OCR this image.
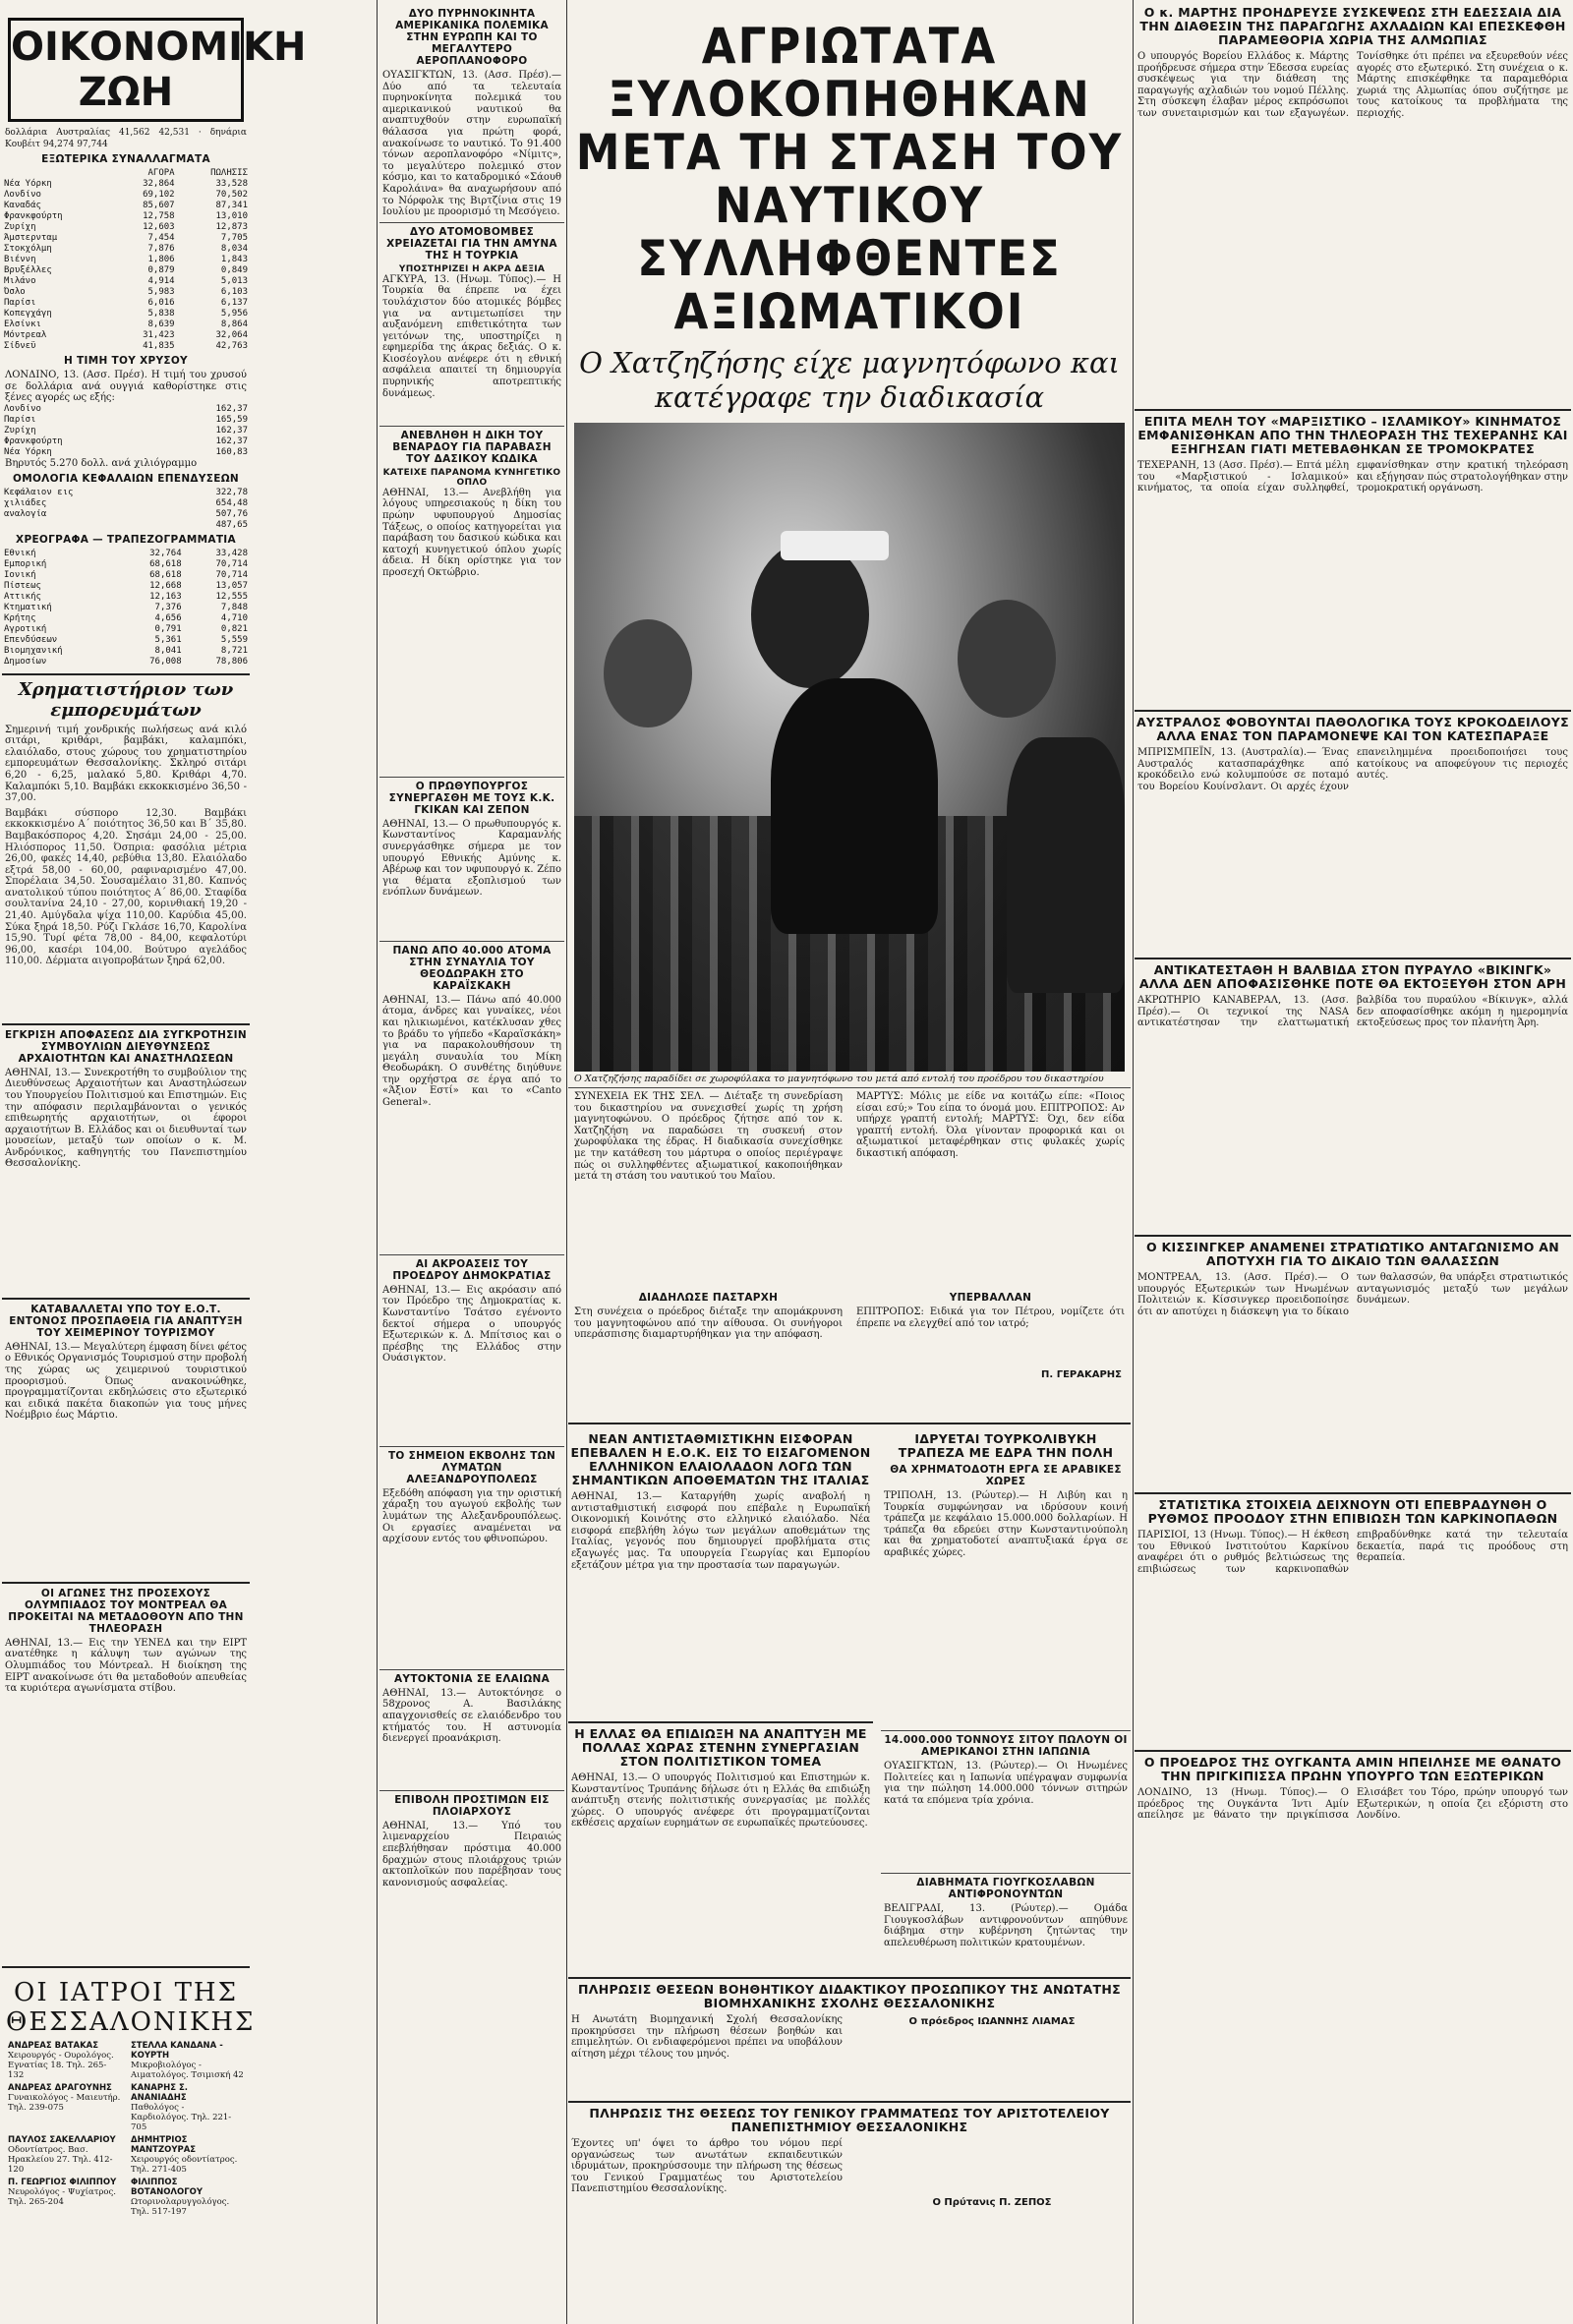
ΟΙΚΟΝΟΜΙΚΗ ΖΩΗ
δολλάρια Αυστραλίας 41,562 42,531 · δηνάρια Κουβέιτ 94,274 97,744
ΕΞΩΤΕΡΙΚΑ ΣΥΝΑΛΛΑΓΜΑΤΑ
	ΑΓΟΡΑ	ΠΩΛΗΣΙΣ
Νέα Υόρκη	32,864	33,528
Λονδίνο	69,102	70,502
Καναδάς	85,607	87,341
Φρανκφούρτη	12,758	13,010
Ζυρίχη	12,603	12,873
Άμστερνταμ	7,454	7,705
Στοκχόλμη	7,876	8,034
Βιέννη	1,806	1,843
Βρυξέλλες	0,879	0,849
Μιλάνο	4,914	5,013
Όσλο	5,983	6,103
Παρίσι	6,016	6,137
Κοπεγχάγη	5,838	5,956
Ελσίνκι	8,639	8,864
Μόντρεαλ	31,423	32,064
Σίδνεϋ	41,835	42,763
Η ΤΙΜΗ ΤΟΥ ΧΡΥΣΟΥ

ΛΟΝΔΙΝΟ, 13. (Ασσ. Πρέσ). Η τιμή του χρυσού σε δολλάρια ανά ουγγιά καθορίστηκε στις ξένες αγορές ως εξής:

Λονδίνο	162,37
Παρίσι	165,59
Ζυρίχη	162,37
Φρανκφούρτη	162,37
Νέα Υόρκη	160,83

Βηρυτός 5.270 δολλ. ανά χιλιόγραμμο

ΟΜΟΛΟΓΙΑ ΚΕΦΑΛΑΙΩΝ ΕΠΕΝΔΥΣΕΩΝ
Κεφάλαιον εις	322,78
χιλιάδες	654,48
αναλογία	507,76
	487,65
ΧΡΕΟΓΡΑΦΑ — ΤΡΑΠΕΖΟΓΡΑΜΜΑΤΙΑ
Εθνική	32,764	33,428
Εμπορική	68,618	70,714
Ιονική	68,618	70,714
Πίστεως	12,668	13,057
Αττικής	12,163	12,555
Κτηματική	7,376	7,848
Κρήτης	4,656	4,710
Αγροτική	0,791	0,821
Επενδύσεων	5,361	5,559
Βιομηχανική	8,041	8,721
Δημοσίων	76,008	78,806
Χρηματιστήριον των εμπορευμάτων

Σημερινή τιμή χονδρικής πωλήσεως ανά κιλό σιτάρι, κριθάρι, βαμβάκι, καλαμπόκι, ελαιόλαδο, στους χώρους του χρηματιστηρίου εμπορευμάτων Θεσσαλονίκης. Σκληρό σιτάρι 6,20 - 6,25, μαλακό 5,80. Κριθάρι 4,70. Καλαμπόκι 5,10. Βαμβάκι εκκοκκισμένο 36,50 - 37,00.

Βαμβάκι σύσπορο 12,30. Βαμβάκι εκκοκκισμένο Α΄ ποιότητος 36,50 και Β΄ 35,80. Βαμβακόσπορος 4,20. Σησάμι 24,00 - 25,00. Ηλιόσπορος 11,50. Όσπρια: φασόλια μέτρια 26,00, φακές 14,40, ρεβύθια 13,80. Ελαιόλαδο εξτρά 58,00 - 60,00, ραφιναρισμένο 47,00. Σπορέλαια 34,50. Σουσαμέλαιο 31,80. Καπνός ανατολικού τύπου ποιότητος Α΄ 86,00. Σταφίδα σουλτανίνα 24,10 - 27,00, κορινθιακή 19,20 - 21,40. Αμύγδαλα ψίχα 110,00. Καρύδια 45,00. Σύκα ξηρά 18,50. Ρύζι Γκλάσε 16,70, Καρολίνα 15,90. Τυρί φέτα 78,00 - 84,00, κεφαλοτύρι 96,00, κασέρι 104,00. Βούτυρο αγελάδος 110,00. Δέρματα αιγοπροβάτων ξηρά 62,00.

ΕΓΚΡΙΣΗ ΑΠΟΦΑΣΕΩΣ ΔΙΑ ΣΥΓΚΡΟΤΗΣΙΝ ΣΥΜΒΟΥΛΙΩΝ ΔΙΕΥΘΥΝΣΕΩΣ ΑΡΧΑΙΟΤΗΤΩΝ ΚΑΙ ΑΝΑΣΤΗΛΩΣΕΩΝ

ΑΘΗΝΑΙ, 13.— Συνεκροτήθη το συμβούλιον της Διευθύνσεως Αρχαιοτήτων και Αναστηλώσεων του Υπουργείου Πολιτισμού και Επιστημών. Εις την απόφασιν περιλαμβάνονται ο γενικός επιθεωρητής αρχαιοτήτων, οι έφοροι αρχαιοτήτων Β. Ελλάδος και οι διευθυνταί των μουσείων, μεταξύ των οποίων ο κ. Μ. Ανδρόνικος, καθηγητής του Πανεπιστημίου Θεσσαλονίκης.

ΚΑΤΑΒΑΛΛΕΤΑΙ ΥΠΟ ΤΟΥ Ε.Ο.Τ. ΕΝΤΟΝΟΣ ΠΡΟΣΠΑΘΕΙΑ ΓΙΑ ΑΝΑΠΤΥΞΗ ΤΟΥ ΧΕΙΜΕΡΙΝΟΥ ΤΟΥΡΙΣΜΟΥ

ΑΘΗΝΑΙ, 13.— Μεγαλύτερη έμφαση δίνει φέτος ο Εθνικός Οργανισμός Τουρισμού στην προβολή της χώρας ως χειμερινού τουριστικού προορισμού. Όπως ανακοινώθηκε, προγραμματίζονται εκδηλώσεις στο εξωτερικό και ειδικά πακέτα διακοπών για τους μήνες Νοέμβριο έως Μάρτιο.

ΟΙ ΑΓΩΝΕΣ ΤΗΣ ΠΡΟΣΕΧΟΥΣ ΟΛΥΜΠΙΑΔΟΣ ΤΟΥ ΜΟΝΤΡΕΑΛ ΘΑ ΠΡΟΚΕΙΤΑΙ ΝΑ ΜΕΤΑΔΟΘΟΥΝ ΑΠΟ ΤΗΝ ΤΗΛΕΟΡΑΣΗ

ΑΘΗΝΑΙ, 13.— Εις την ΥΕΝΕΔ και την ΕΙΡΤ ανατέθηκε η κάλυψη των αγώνων της Ολυμπιάδος του Μόντρεαλ. Η διοίκηση της ΕΙΡΤ ανακοίνωσε ότι θα μεταδοθούν απευθείας τα κυριότερα αγωνίσματα στίβου.

ΟΙ ΙΑΤΡΟΙ ΤΗΣ ΘΕΣΣΑΛΟΝΙΚΗΣ
ΑΝΔΡΕΑΣ ΒΑΤΑΚΑΣ
Χειρουργός - Ουρολόγος. Εγνατίας 18. Τηλ. 265-132
ΣΤΕΛΛΑ ΚΑΝΔΑΝΑ - ΚΟΥΡΤΗ
Μικροβιολόγος - Αιματολόγος. Τσιμισκή 42
ΑΝΔΡΕΑΣ ΔΡΑΓΟΥΝΗΣ
Γυναικολόγος - Μαιευτήρ. Τηλ. 239-075
ΚΑΝΑΡΗΣ Σ. ΑΝΑΝΙΑΔΗΣ
Παθολόγος - Καρδιολόγος. Τηλ. 221-705
ΠΑΥΛΟΣ ΣΑΚΕΛΛΑΡΙΟΥ
Οδοντίατρος. Βασ. Ηρακλείου 27. Τηλ. 412-120
ΔΗΜΗΤΡΙΟΣ ΜΑΝΤΖΟΥΡΑΣ
Χειρουργός οδοντίατρος. Τηλ. 271-405
Π. ΓΕΩΡΓΙΟΣ ΦΙΛΙΠΠΟΥ
Νευρολόγος - Ψυχίατρος. Τηλ. 265-204
ΦΙΛΙΠΠΟΣ ΒΟΤΑΝΟΛΟΓΟΥ
Ωτορινολαρυγγολόγος. Τηλ. 517-197
ΔΥΟ ΠΥΡΗΝΟΚΙΝΗΤΑ ΑΜΕΡΙΚΑΝΙΚΑ ΠΟΛΕΜΙΚΑ ΣΤΗΝ ΕΥΡΩΠΗ ΚΑΙ ΤΟ ΜΕΓΑΛΥΤΕΡΟ ΑΕΡΟΠΛΑΝΟΦΟΡΟ

ΟΥΑΣΙΓΚΤΩΝ, 13. (Ασσ. Πρέσ).— Δύο από τα τελευταία πυρηνοκίνητα πολεμικά του αμερικανικού ναυτικού θα αναπτυχθούν στην ευρωπαϊκή θάλασσα για πρώτη φορά, ανακοίνωσε το ναυτικό. Το 91.400 τόνων αεροπλανοφόρο «Νίμιτς», το μεγαλύτερο πολεμικό στον κόσμο, και το καταδρομικό «Σάουθ Καρολάινα» θα αναχωρήσουν από το Νόρφολκ της Βιρτζίνια στις 19 Ιουλίου με προορισμό τη Μεσόγειο.

ΔΥΟ ΑΤΟΜΟΒΟΜΒΕΣ ΧΡΕΙΑΖΕΤΑΙ ΓΙΑ ΤΗΝ ΑΜΥΝΑ ΤΗΣ Η ΤΟΥΡΚΙΑ
ΥΠΟΣΤΗΡΙΖΕΙ Η ΑΚΡΑ ΔΕΞΙΑ

ΑΓΚΥΡΑ, 13. (Ηνωμ. Τύπος).— Η Τουρκία θα έπρεπε να έχει τουλάχιστον δύο ατομικές βόμβες για να αντιμετωπίσει την αυξανόμενη επιθετικότητα των γειτόνων της, υποστηρίζει η εφημερίδα της άκρας δεξιάς. Ο κ. Κιοσέογλου ανέφερε ότι η εθνική ασφάλεια απαιτεί τη δημιουργία πυρηνικής αποτρεπτικής δυνάμεως.

ΑΝΕΒΛΗΘΗ Η ΔΙΚΗ ΤΟΥ ΒΕΝΑΡΔΟΥ ΓΙΑ ΠΑΡΑΒΑΣΗ ΤΟΥ ΔΑΣΙΚΟΥ ΚΩΔΙΚΑ
ΚΑΤΕΙΧΕ ΠΑΡΑΝΟΜΑ ΚΥΝΗΓΕΤΙΚΟ ΟΠΛΟ

ΑΘΗΝΑΙ, 13.— Ανεβλήθη για λόγους υπηρεσιακούς η δίκη του πρώην υφυπουργού Δημοσίας Τάξεως, ο οποίος κατηγορείται για παράβαση του δασικού κώδικα και κατοχή κυνηγετικού όπλου χωρίς άδεια. Η δίκη ορίστηκε για τον προσεχή Οκτώβριο.

Ο ΠΡΩΘΥΠΟΥΡΓΟΣ ΣΥΝΕΡΓΑΣΘΗ ΜΕ ΤΟΥΣ Κ.Κ. ΓΚΙΚΑΝ ΚΑΙ ΖΕΠΟΝ

ΑΘΗΝΑΙ, 13.— Ο πρωθυπουργός κ. Κωνσταντίνος Καραμανλής συνεργάσθηκε σήμερα με τον υπουργό Εθνικής Αμύνης κ. Αβέρωφ και τον υφυπουργό κ. Ζέπο για θέματα εξοπλισμού των ενόπλων δυνάμεων.

ΠΑΝΩ ΑΠΟ 40.000 ΑΤΟΜΑ ΣΤΗΝ ΣΥΝΑΥΛΙΑ ΤΟΥ ΘΕΟΔΩΡΑΚΗ ΣΤΟ ΚΑΡΑΪΣΚΑΚΗ

ΑΘΗΝΑΙ, 13.— Πάνω από 40.000 άτομα, άνδρες και γυναίκες, νέοι και ηλικιωμένοι, κατέκλυσαν χθες το βράδυ το γήπεδο «Καραϊσκάκη» για να παρακολουθήσουν τη μεγάλη συναυλία του Μίκη Θεοδωράκη. Ο συνθέτης διηύθυνε την ορχήστρα σε έργα από το «Άξιον Εστί» και το «Canto General».

ΑΙ ΑΚΡΟΑΣΕΙΣ ΤΟΥ ΠΡΟΕΔΡΟΥ ΔΗΜΟΚΡΑΤΙΑΣ

ΑΘΗΝΑΙ, 13.— Εις ακρόασιν από τον Πρόεδρο της Δημοκρατίας κ. Κωνσταντίνο Τσάτσο εγένοντο δεκτοί σήμερα ο υπουργός Εξωτερικών κ. Δ. Μπίτσιος και ο πρέσβης της Ελλάδος στην Ουάσιγκτον.

ΤΟ ΣΗΜΕΙΟΝ ΕΚΒΟΛΗΣ ΤΩΝ ΛΥΜΑΤΩΝ ΑΛΕΞΑΝΔΡΟΥΠΟΛΕΩΣ

Εξεδόθη απόφαση για την οριστική χάραξη του αγωγού εκβολής των λυμάτων της Αλεξανδρουπόλεως. Οι εργασίες αναμένεται να αρχίσουν εντός του φθινοπώρου.

ΑΥΤΟΚΤΟΝΙΑ ΣΕ ΕΛΑΙΩΝΑ

ΑΘΗΝΑΙ, 13.— Αυτοκτόνησε ο 58χρονος Α. Βασιλάκης απαγχονισθείς σε ελαιόδενδρο του κτήματός του. Η αστυνομία διενεργεί προανάκριση.

ΕΠΙΒΟΛΗ ΠΡΟΣΤΙΜΩΝ ΕΙΣ ΠΛΟΙΑΡΧΟΥΣ

ΑΘΗΝΑΙ, 13.— Υπό του λιμεναρχείου Πειραιώς επεβλήθησαν πρόστιμα 40.000 δραχμών στους πλοιάρχους τριών ακτοπλοϊκών που παρέβησαν τους κανονισμούς ασφαλείας.

ΑΓΡΙΩΤΑΤΑ ΞΥΛΟΚΟΠΗΘΗΚΑΝ ΜΕΤΑ ΤΗ ΣΤΑΣΗ ΤΟΥ ΝΑΥΤΙΚΟΥ ΣΥΛΛΗΦΘΕΝΤΕΣ ΑΞΙΩΜΑΤΙΚΟΙ
Ο Χατζηζήσης είχε μαγνητόφωνο και κατέγραφε την διαδικασία
Ο Χατζηζήσης παραδίδει σε χωροφύλακα το μαγνητόφωνο του μετά από εντολή του προέδρου του δικαστηρίου

ΣΥΝΕΧΕΙΑ ΕΚ ΤΗΣ ΣΕΛ. — Διέταξε τη συνεδρίαση του δικαστηρίου να συνεχισθεί χωρίς τη χρήση μαγνητοφώνου. Ο πρόεδρος ζήτησε από τον κ. Χατζηζήση να παραδώσει τη συσκευή στον χωροφύλακα της έδρας. Η διαδικασία συνεχίσθηκε με την κατάθεση του μάρτυρα ο οποίος περιέγραψε πώς οι συλληφθέντες αξιωματικοί κακοποιήθηκαν μετά τη στάση του ναυτικού του Μαΐου.

ΔΙΑΔΗΛΩΣΕ ΠΑΣΤΑΡΧΗ

Στη συνέχεια ο πρόεδρος διέταξε την απομάκρυνση του μαγνητοφώνου από την αίθουσα. Οι συνήγοροι υπεράσπισης διαμαρτυρήθηκαν για την απόφαση.

ΜΑΡΤΥΣ: Μόλις με είδε να κοιτάζω είπε: «Ποιος είσαι εσύ;» Του είπα το όνομά μου. ΕΠΙΤΡΟΠΟΣ: Αν υπήρχε γραπτή εντολή; ΜΑΡΤΥΣ: Όχι, δεν είδα γραπτή εντολή. Όλα γίνονταν προφορικά και οι αξιωματικοί μεταφέρθηκαν στις φυλακές χωρίς δικαστική απόφαση.

ΥΠΕΡΒΑΛΛΑΝ

ΕΠΙΤΡΟΠΟΣ: Ειδικά για τον Πέτρου, νομίζετε ότι έπρεπε να ελεγχθεί από τον ιατρό;

Π. ΓΕΡΑΚΑΡΗΣ
ΝΕΑΝ ΑΝΤΙΣΤΑΘΜΙΣΤΙΚΗΝ ΕΙΣΦΟΡΑΝ ΕΠΕΒΑΛΕΝ Η Ε.Ο.Κ. ΕΙΣ ΤΟ ΕΙΣΑΓΟΜΕΝΟΝ ΕΛΛΗΝΙΚΟΝ ΕΛΑΙΟΛΑΔΟΝ ΛΟΓΩ ΤΩΝ ΣΗΜΑΝΤΙΚΩΝ ΑΠΟΘΕΜΑΤΩΝ ΤΗΣ ΙΤΑΛΙΑΣ

ΑΘΗΝΑΙ, 13.— Καταργήθη χωρίς αναβολή η αντισταθμιστική εισφορά που επέβαλε η Ευρωπαϊκή Οικονομική Κοινότης στο ελληνικό ελαιόλαδο. Νέα εισφορά επεβλήθη λόγω των μεγάλων αποθεμάτων της Ιταλίας, γεγονός που δημιουργεί προβλήματα στις εξαγωγές μας. Τα υπουργεία Γεωργίας και Εμπορίου εξετάζουν μέτρα για την προστασία των παραγωγών.

Η ΕΛΛΑΣ ΘΑ ΕΠΙΔΙΩΞΗ ΝΑ ΑΝΑΠΤΥΞΗ ΜΕ ΠΟΛΛΑΣ ΧΩΡΑΣ ΣΤΕΝΗΝ ΣΥΝΕΡΓΑΣΙΑΝ ΣΤΟΝ ΠΟΛΙΤΙΣΤΙΚΟΝ ΤΟΜΕΑ

ΑΘΗΝΑΙ, 13.— Ο υπουργός Πολιτισμού και Επιστημών κ. Κωνσταντίνος Τρυπάνης δήλωσε ότι η Ελλάς θα επιδιώξη ανάπτυξη στενής πολιτιστικής συνεργασίας με πολλές χώρες. Ο υπουργός ανέφερε ότι προγραμματίζονται εκθέσεις αρχαίων ευρημάτων σε ευρωπαϊκές πρωτεύουσες.

ΙΔΡΥΕΤΑΙ ΤΟΥΡΚΟΛΙΒΥΚΗ ΤΡΑΠΕΖΑ ΜΕ ΕΔΡΑ ΤΗΝ ΠΟΛΗ
ΘΑ ΧΡΗΜΑΤΟΔΟΤΗ ΕΡΓΑ ΣΕ ΑΡΑΒΙΚΕΣ ΧΩΡΕΣ

ΤΡΙΠΟΛΗ, 13. (Ρώυτερ).— Η Λιβύη και η Τουρκία συμφώνησαν να ιδρύσουν κοινή τράπεζα με κεφάλαιο 15.000.000 δολλαρίων. Η τράπεζα θα εδρεύει στην Κωνσταντινούπολη και θα χρηματοδοτεί αναπτυξιακά έργα σε αραβικές χώρες.

14.000.000 ΤΟΝΝΟΥΣ ΣΙΤΟΥ ΠΩΛΟΥΝ ΟΙ ΑΜΕΡΙΚΑΝΟΙ ΣΤΗΝ ΙΑΠΩΝΙΑ

ΟΥΑΣΙΓΚΤΩΝ, 13. (Ρώυτερ).— Οι Ηνωμένες Πολιτείες και η Ιαπωνία υπέγραψαν συμφωνία για την πώληση 14.000.000 τόννων σιτηρών κατά τα επόμενα τρία χρόνια.

ΔΙΑΒΗΜΑΤΑ ΓΙΟΥΓΚΟΣΛΑΒΩΝ ΑΝΤΙΦΡΟΝΟΥΝΤΩΝ

ΒΕΛΙΓΡΑΔΙ, 13. (Ρώυτερ).— Ομάδα Γιουγκοσλάβων αντιφρονούντων απηύθυνε διάβημα στην κυβέρνηση ζητώντας την απελευθέρωση πολιτικών κρατουμένων.

ΠΛΗΡΩΣΙΣ ΘΕΣΕΩΝ ΒΟΗΘΗΤΙΚΟΥ ΔΙΔΑΚΤΙΚΟΥ ΠΡΟΣΩΠΙΚΟΥ ΤΗΣ ΑΝΩΤΑΤΗΣ ΒΙΟΜΗΧΑΝΙΚΗΣ ΣΧΟΛΗΣ ΘΕΣΣΑΛΟΝΙΚΗΣ

Η Ανωτάτη Βιομηχανική Σχολή Θεσσαλονίκης προκηρύσσει την πλήρωση θέσεων βοηθών και επιμελητών. Οι ενδιαφερόμενοι πρέπει να υποβάλουν αίτηση μέχρι τέλους του μηνός.

Ο πρόεδρος ΙΩΑΝΝΗΣ ΛΙΑΜΑΣ
ΠΛΗΡΩΣΙΣ ΤΗΣ ΘΕΣΕΩΣ ΤΟΥ ΓΕΝΙΚΟΥ ΓΡΑΜΜΑΤΕΩΣ ΤΟΥ ΑΡΙΣΤΟΤΕΛΕΙΟΥ ΠΑΝΕΠΙΣΤΗΜΙΟΥ ΘΕΣΣΑΛΟΝΙΚΗΣ

Έχοντες υπ' όψει το άρθρο του νόμου περί οργανώσεως των ανωτάτων εκπαιδευτικών ιδρυμάτων, προκηρύσσουμε την πλήρωση της θέσεως του Γενικού Γραμματέως του Αριστοτελείου Πανεπιστημίου Θεσσαλονίκης.

Ο Πρύτανις Π. ΖΕΠΟΣ
Ο κ. ΜΑΡΤΗΣ ΠΡΟΗΔΡΕΥΣΕ ΣΥΣΚΕΨΕΩΣ ΣΤΗ ΕΔΕΣΣΑΙΑ ΔΙΑ ΤΗΝ ΔΙΑΘΕΣΙΝ ΤΗΣ ΠΑΡΑΓΩΓΗΣ ΑΧΛΑΔΙΩΝ ΚΑΙ ΕΠΕΣΚΕΦΘΗ ΠΑΡΑΜΕΘΟΡΙΑ ΧΩΡΙΑ ΤΗΣ ΑΛΜΩΠΙΑΣ

Ο υπουργός Βορείου Ελλάδος κ. Μάρτης προήδρευσε σήμερα στην Έδεσσα ευρείας συσκέψεως για την διάθεση της παραγωγής αχλαδιών του νομού Πέλλης. Στη σύσκεψη έλαβαν μέρος εκπρόσωποι των συνεταιρισμών και των εξαγωγέων. Τονίσθηκε ότι πρέπει να εξευρεθούν νέες αγορές στο εξωτερικό. Στη συνέχεια ο κ. Μάρτης επισκέφθηκε τα παραμεθόρια χωριά της Αλμωπίας όπου συζήτησε με τους κατοίκους τα προβλήματα της περιοχής.

ΕΠΙΤΑ ΜΕΛΗ ΤΟΥ «ΜΑΡΞΙΣΤΙΚΟ – ΙΣΛΑΜΙΚΟΥ» ΚΙΝΗΜΑΤΟΣ ΕΜΦΑΝΙΣΘΗΚΑΝ ΑΠΟ ΤΗΝ ΤΗΛΕΟΡΑΣΗ ΤΗΣ ΤΕΧΕΡΑΝΗΣ ΚΑΙ ΕΞΗΓΗΣΑΝ ΓΙΑΤΙ ΜΕΤΕΒΑΘΗΚΑΝ ΣΕ ΤΡΟΜΟΚΡΑΤΕΣ

ΤΕΧΕΡΑΝΗ, 13 (Ασσ. Πρέσ).— Επτά μέλη του «Μαρξιστικού - Ισλαμικού» κινήματος, τα οποία είχαν συλληφθεί, εμφανίσθηκαν στην κρατική τηλεόραση και εξήγησαν πώς στρατολογήθηκαν στην τρομοκρατική οργάνωση.

ΑΥΣΤΡΑΛΟΣ ΦΟΒΟΥΝΤΑΙ ΠΑΘΟΛΟΓΙΚΑ ΤΟΥΣ ΚΡΟΚΟΔΕΙΛΟΥΣ ΑΛΛΑ ΕΝΑΣ ΤΟΝ ΠΑΡΑΜΟΝΕΨΕ ΚΑΙ ΤΟΝ ΚΑΤΕΣΠΑΡΑΞΕ

ΜΠΡΙΣΜΠΕΪΝ, 13. (Αυστραλία).— Ένας Αυστραλός κατασπαράχθηκε από κροκόδειλο ενώ κολυμπούσε σε ποταμό του Βορείου Κουίνσλαντ. Οι αρχές έχουν επανειλημμένα προειδοποιήσει τους κατοίκους να αποφεύγουν τις περιοχές αυτές.

ΑΝΤΙΚΑΤΕΣΤΑΘΗ Η ΒΑΛΒΙΔΑ ΣΤΟΝ ΠΥΡΑΥΛΟ «ΒΙΚΙΝΓΚ» ΑΛΛΑ ΔΕΝ ΑΠΟΦΑΣΙΣΘΗΚΕ ΠΟΤΕ ΘΑ ΕΚΤΟΞΕΥΘΗ ΣΤΟΝ ΑΡΗ

ΑΚΡΩΤΗΡΙΟ ΚΑΝΑΒΕΡΑΛ, 13. (Ασσ. Πρέσ).— Οι τεχνικοί της NASA αντικατέστησαν την ελαττωματική βαλβίδα του πυραύλου «Βίκινγκ», αλλά δεν αποφασίσθηκε ακόμη η ημερομηνία εκτοξεύσεως προς τον πλανήτη Άρη.

Ο ΚΙΣΣΙΝΓΚΕΡ ΑΝΑΜΕΝΕΙ ΣΤΡΑΤΙΩΤΙΚΟ ΑΝΤΑΓΩΝΙΣΜΟ ΑΝ ΑΠΟΤΥΧΗ ΓΙΑ ΤΟ ΔΙΚΑΙΟ ΤΩΝ ΘΑΛΑΣΣΩΝ

ΜΟΝΤΡΕΑΛ, 13. (Ασσ. Πρέσ).— Ο υπουργός Εξωτερικών των Ηνωμένων Πολιτειών κ. Κίσσινγκερ προειδοποίησε ότι αν αποτύχει η διάσκεψη για το δίκαιο των θαλασσών, θα υπάρξει στρατιωτικός ανταγωνισμός μεταξύ των μεγάλων δυνάμεων.

ΣΤΑΤΙΣΤΙΚΑ ΣΤΟΙΧΕΙΑ ΔΕΙΧΝΟΥΝ ΟΤΙ ΕΠΕΒΡΑΔΥΝΘΗ Ο ΡΥΘΜΟΣ ΠΡΟΟΔΟΥ ΣΤΗΝ ΕΠΙΒΙΩΣΗ ΤΩΝ ΚΑΡΚΙΝΟΠΑΘΩΝ

ΠΑΡΙΣΙΟΙ, 13 (Ηνωμ. Τύπος).— Η έκθεση του Εθνικού Ινστιτούτου Καρκίνου αναφέρει ότι ο ρυθμός βελτιώσεως της επιβιώσεως των καρκινοπαθών επιβραδύνθηκε κατά την τελευταία δεκαετία, παρά τις προόδους στη θεραπεία.

Ο ΠΡΟΕΔΡΟΣ ΤΗΣ ΟΥΓΚΑΝΤΑ ΑΜΙΝ ΗΠΕΙΛΗΣΕ ΜΕ ΘΑΝΑΤΟ ΤΗΝ ΠΡΙΓΚΙΠΙΣΣΑ ΠΡΩΗΝ ΥΠΟΥΡΓΟ ΤΩΝ ΕΞΩΤΕΡΙΚΩΝ

ΛΟΝΔΙΝΟ, 13 (Ηνωμ. Τύπος).— Ο πρόεδρος της Ουγκάντα Ίντι Αμίν απείλησε με θάνατο την πριγκίπισσα Ελισάβετ του Τόρο, πρώην υπουργό των Εξωτερικών, η οποία ζει εξόριστη στο Λονδίνο.
